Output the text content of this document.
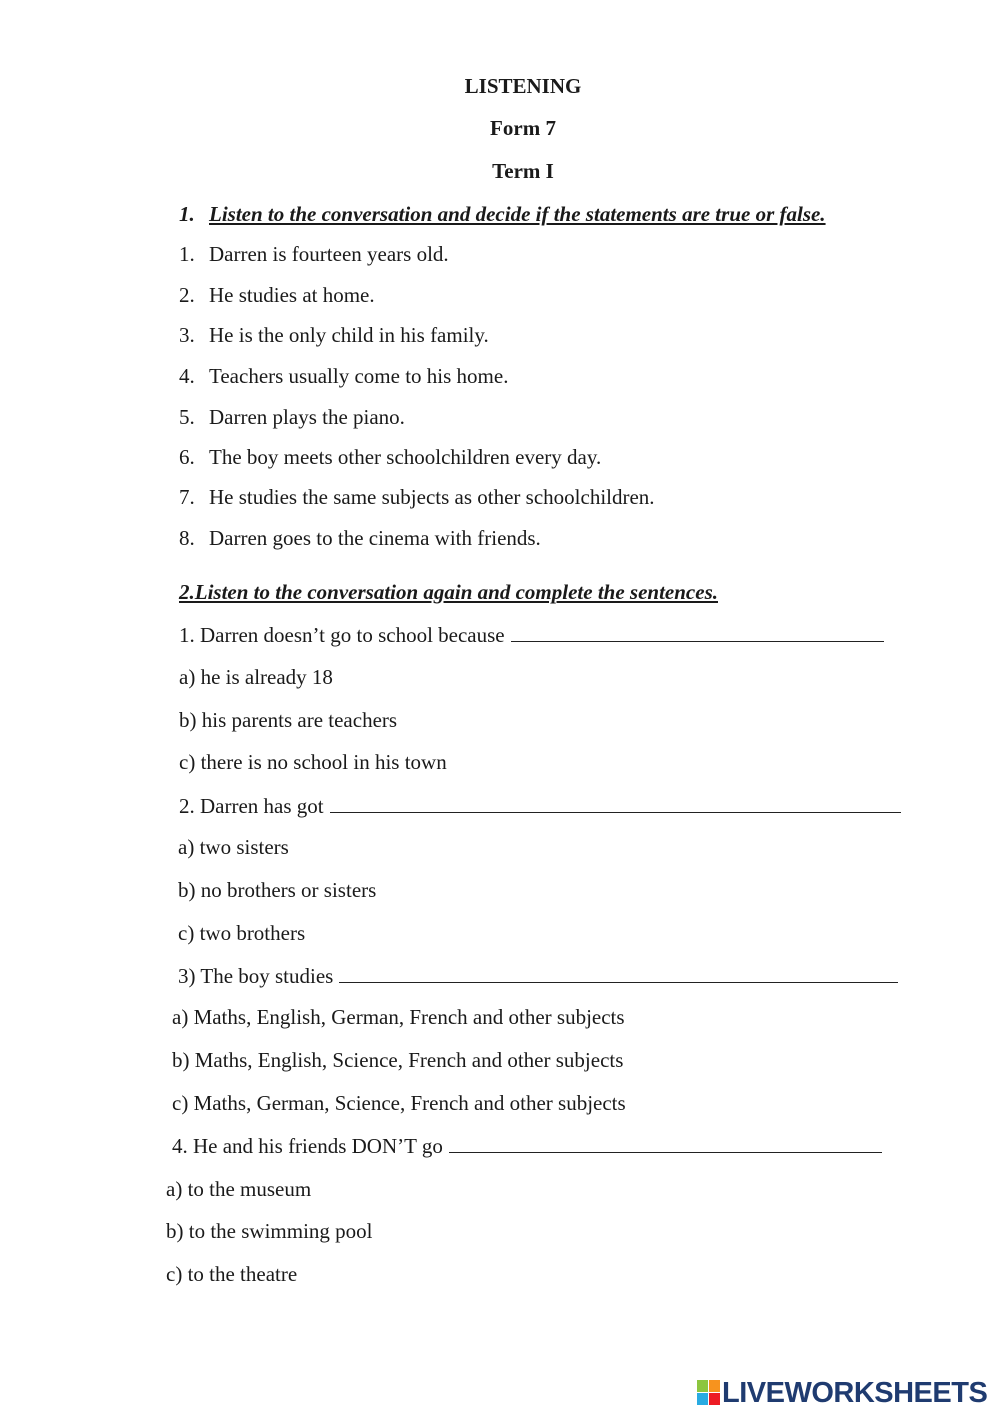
LISTENING
Form 7
Term I
1. Listen to the conversation and decide if the statements are true or false.
1. Darren is fourteen years old.
2. He studies at home.
3. He is the only child in his family.
4. Teachers usually come to his home.
5. Darren plays the piano.
6. The boy meets other schoolchildren every day.
7. He studies the same subjects as other schoolchildren.
8. Darren goes to the cinema with friends.
2.Listen to the conversation again and complete the sentences.
1. Darren doesn’t go to school because
a) he is already 18
b) his parents are teachers
c) there is no school in his town
2. Darren has got
a) two sisters
b) no brothers or sisters
c) two brothers
3) The boy studies
a) Maths, English, German, French and other subjects
b) Maths, English, Science, French and other subjects
c) Maths, German, Science, French and other subjects
4. He and his friends DON’T go
a) to the museum
b) to the swimming pool
c) to the theatre
LIVEWORKSHEETS
